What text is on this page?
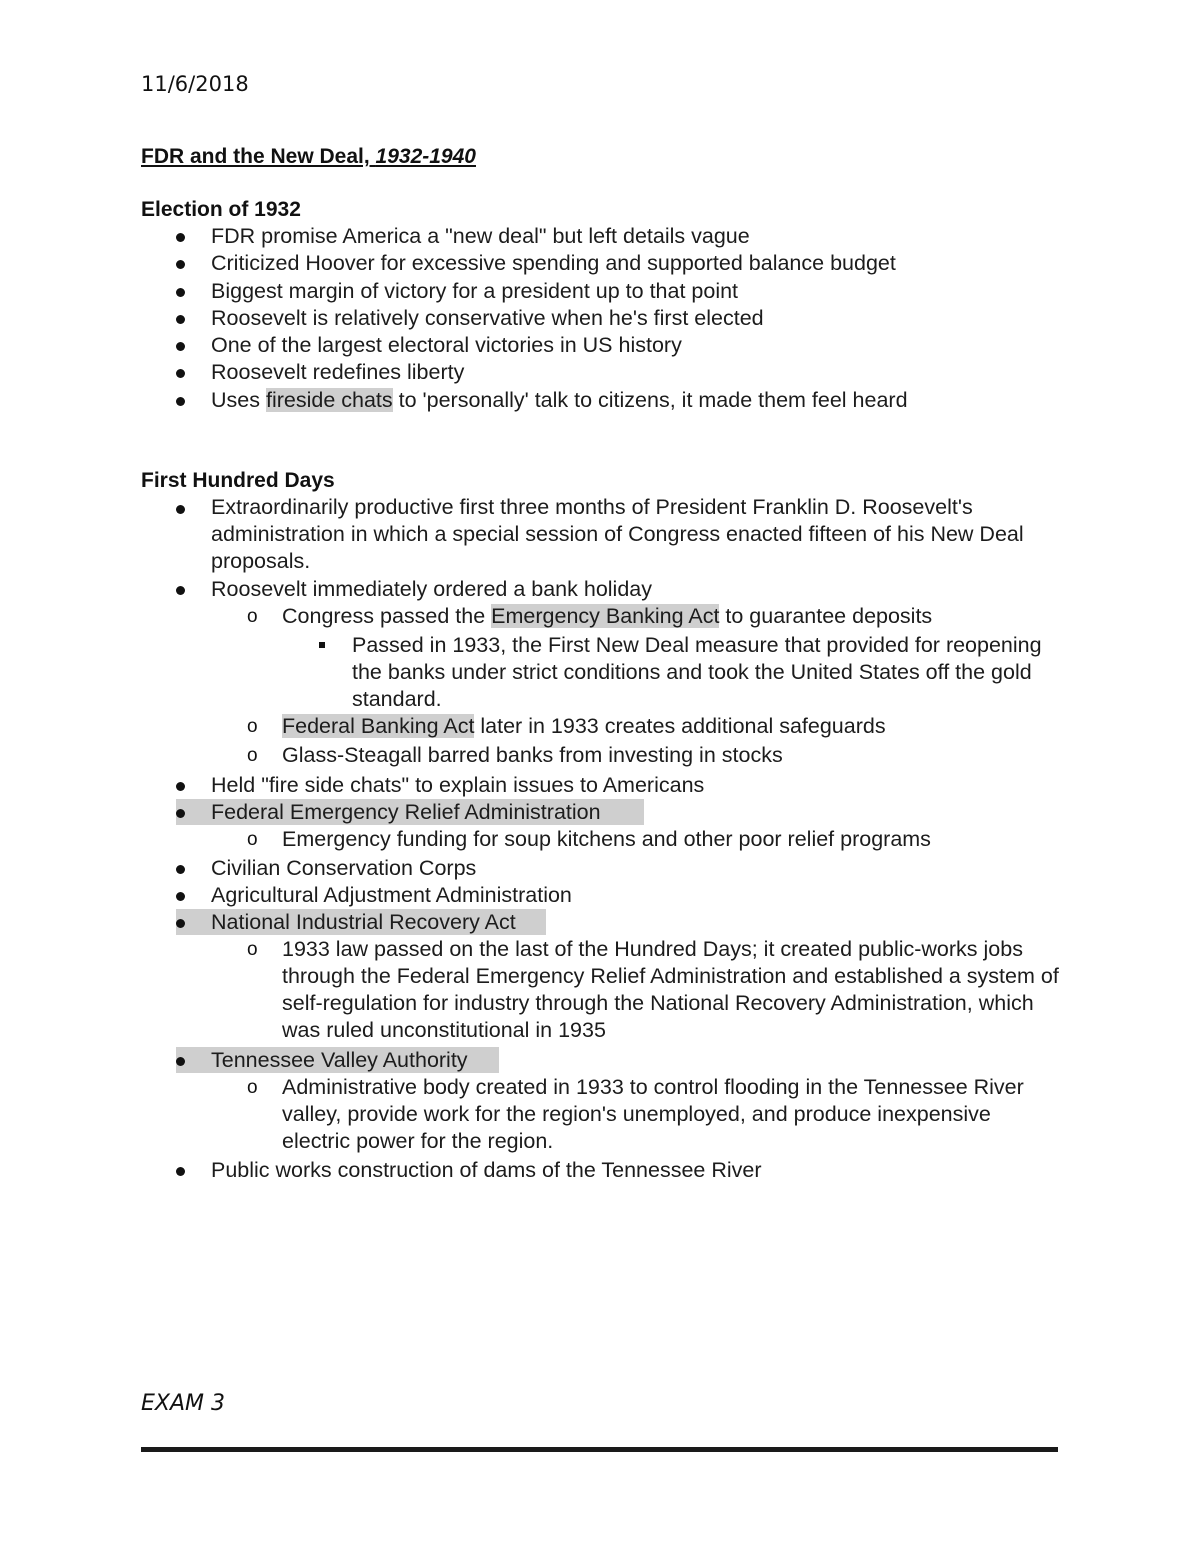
11/6/2018
FDR and the New Deal, 1932-1940
Election of 1932
FDR promise America a "new deal" but left details vague
Criticized Hoover for excessive spending and supported balance budget
Biggest margin of victory for a president up to that point
Roosevelt is relatively conservative when he's first elected
One of the largest electoral victories in US history
Roosevelt redefines liberty
Uses fireside chats to 'personally' talk to citizens, it made them feel heard
First Hundred Days
Extraordinarily productive first three months of President Franklin D. Roosevelt's administration in which a special session of Congress enacted fifteen of his New Deal proposals.
Roosevelt immediately ordered a bank holiday
o Congress passed the Emergency Banking Act to guarantee deposits
Passed in 1933, the First New Deal measure that provided for reopening the banks under strict conditions and took the United States off the gold standard.
o Federal Banking Act later in 1933 creates additional safeguards
o Glass-Steagall barred banks from investing in stocks
Held "fire side chats" to explain issues to Americans
Federal Emergency Relief Administration
o Emergency funding for soup kitchens and other poor relief programs
Civilian Conservation Corps
Agricultural Adjustment Administration
National Industrial Recovery Act
o 1933 law passed on the last of the Hundred Days; it created public-works jobs through the Federal Emergency Relief Administration and established a system of self-regulation for industry through the National Recovery Administration, which was ruled unconstitutional in 1935
Tennessee Valley Authority
o Administrative body created in 1933 to control flooding in the Tennessee River valley, provide work for the region's unemployed, and produce inexpensive electric power for the region.
Public works construction of dams of the Tennessee River
EXAM 3
